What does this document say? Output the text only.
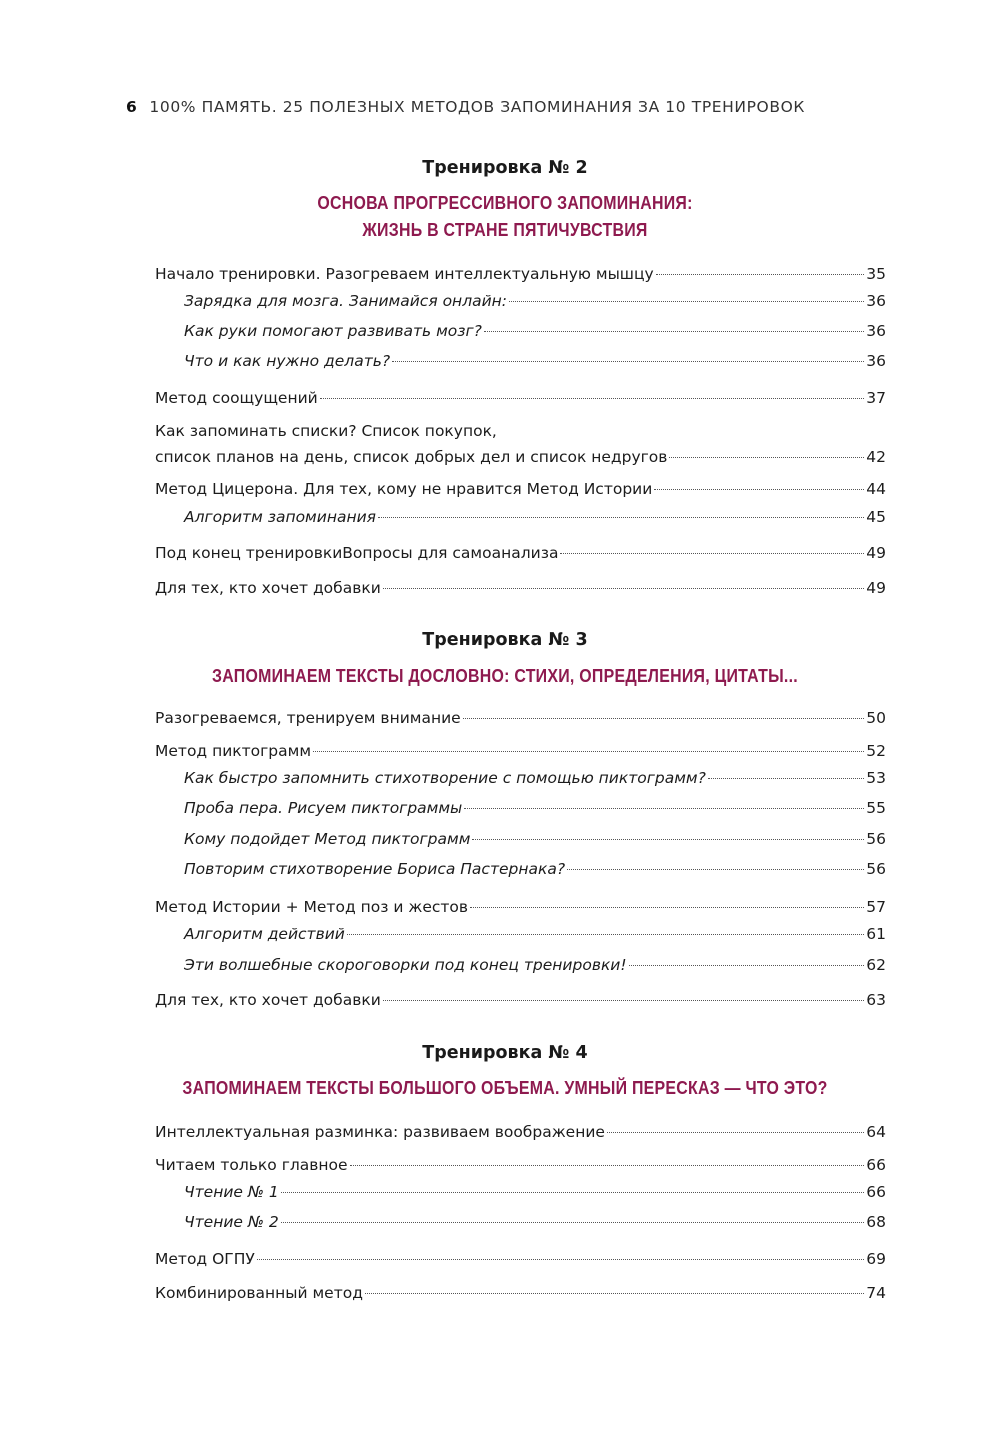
6 100% ПАМЯТЬ. 25 ПОЛЕЗНЫХ МЕТОДОВ ЗАПОМИНАНИЯ ЗА 10 ТРЕНИРОВОК
Тренировка № 2
ОСНОВА ПРОГРЕССИВНОГО ЗАПОМИНАНИЯ:
ЖИЗНЬ В СТРАНЕ ПЯТИЧУВСТВИЯ
Начало тренировки. Разогреваем интеллектуальную мышцу	35
Зарядка для мозга. Занимайся онлайн:	36
Как руки помогают развивать мозг?	36
Что и как нужно делать?	36
Метод соощущений	37
Как запоминать списки? Список покупок,
список планов на день, список добрых дел и список недругов	42
Метод Цицерона. Для тех, кому не нравится Метод Истории	44
Алгоритм запоминания	45
Под конец тренировкиВопросы для самоанализа	49
Для тех, кто хочет добавки	49
Тренировка № 3
ЗАПОМИНАЕМ ТЕКСТЫ ДОСЛОВНО: СТИХИ, ОПРЕДЕЛЕНИЯ, ЦИТАТЫ...
Разогреваемся, тренируем внимание	50
Метод пиктограмм	52
Как быстро запомнить стихотворение с помощью пиктограмм?	53
Проба пера. Рисуем пиктограммы	55
Кому подойдет Метод пиктограмм	56
Повторим стихотворение Бориса Пастернака?	56
Метод Истории + Метод поз и жестов	57
Алгоритм действий	61
Эти волшебные скороговорки под конец тренировки!	62
Для тех, кто хочет добавки	63
Тренировка № 4
ЗАПОМИНАЕМ ТЕКСТЫ БОЛЬШОГО ОБЪЕМА. УМНЫЙ ПЕРЕСКАЗ — ЧТО ЭТО?
Интеллектуальная разминка: развиваем воображение	64
Читаем только главное	66
Чтение № 1	66
Чтение № 2	68
Метод ОГПУ	69
Комбинированный метод	74
